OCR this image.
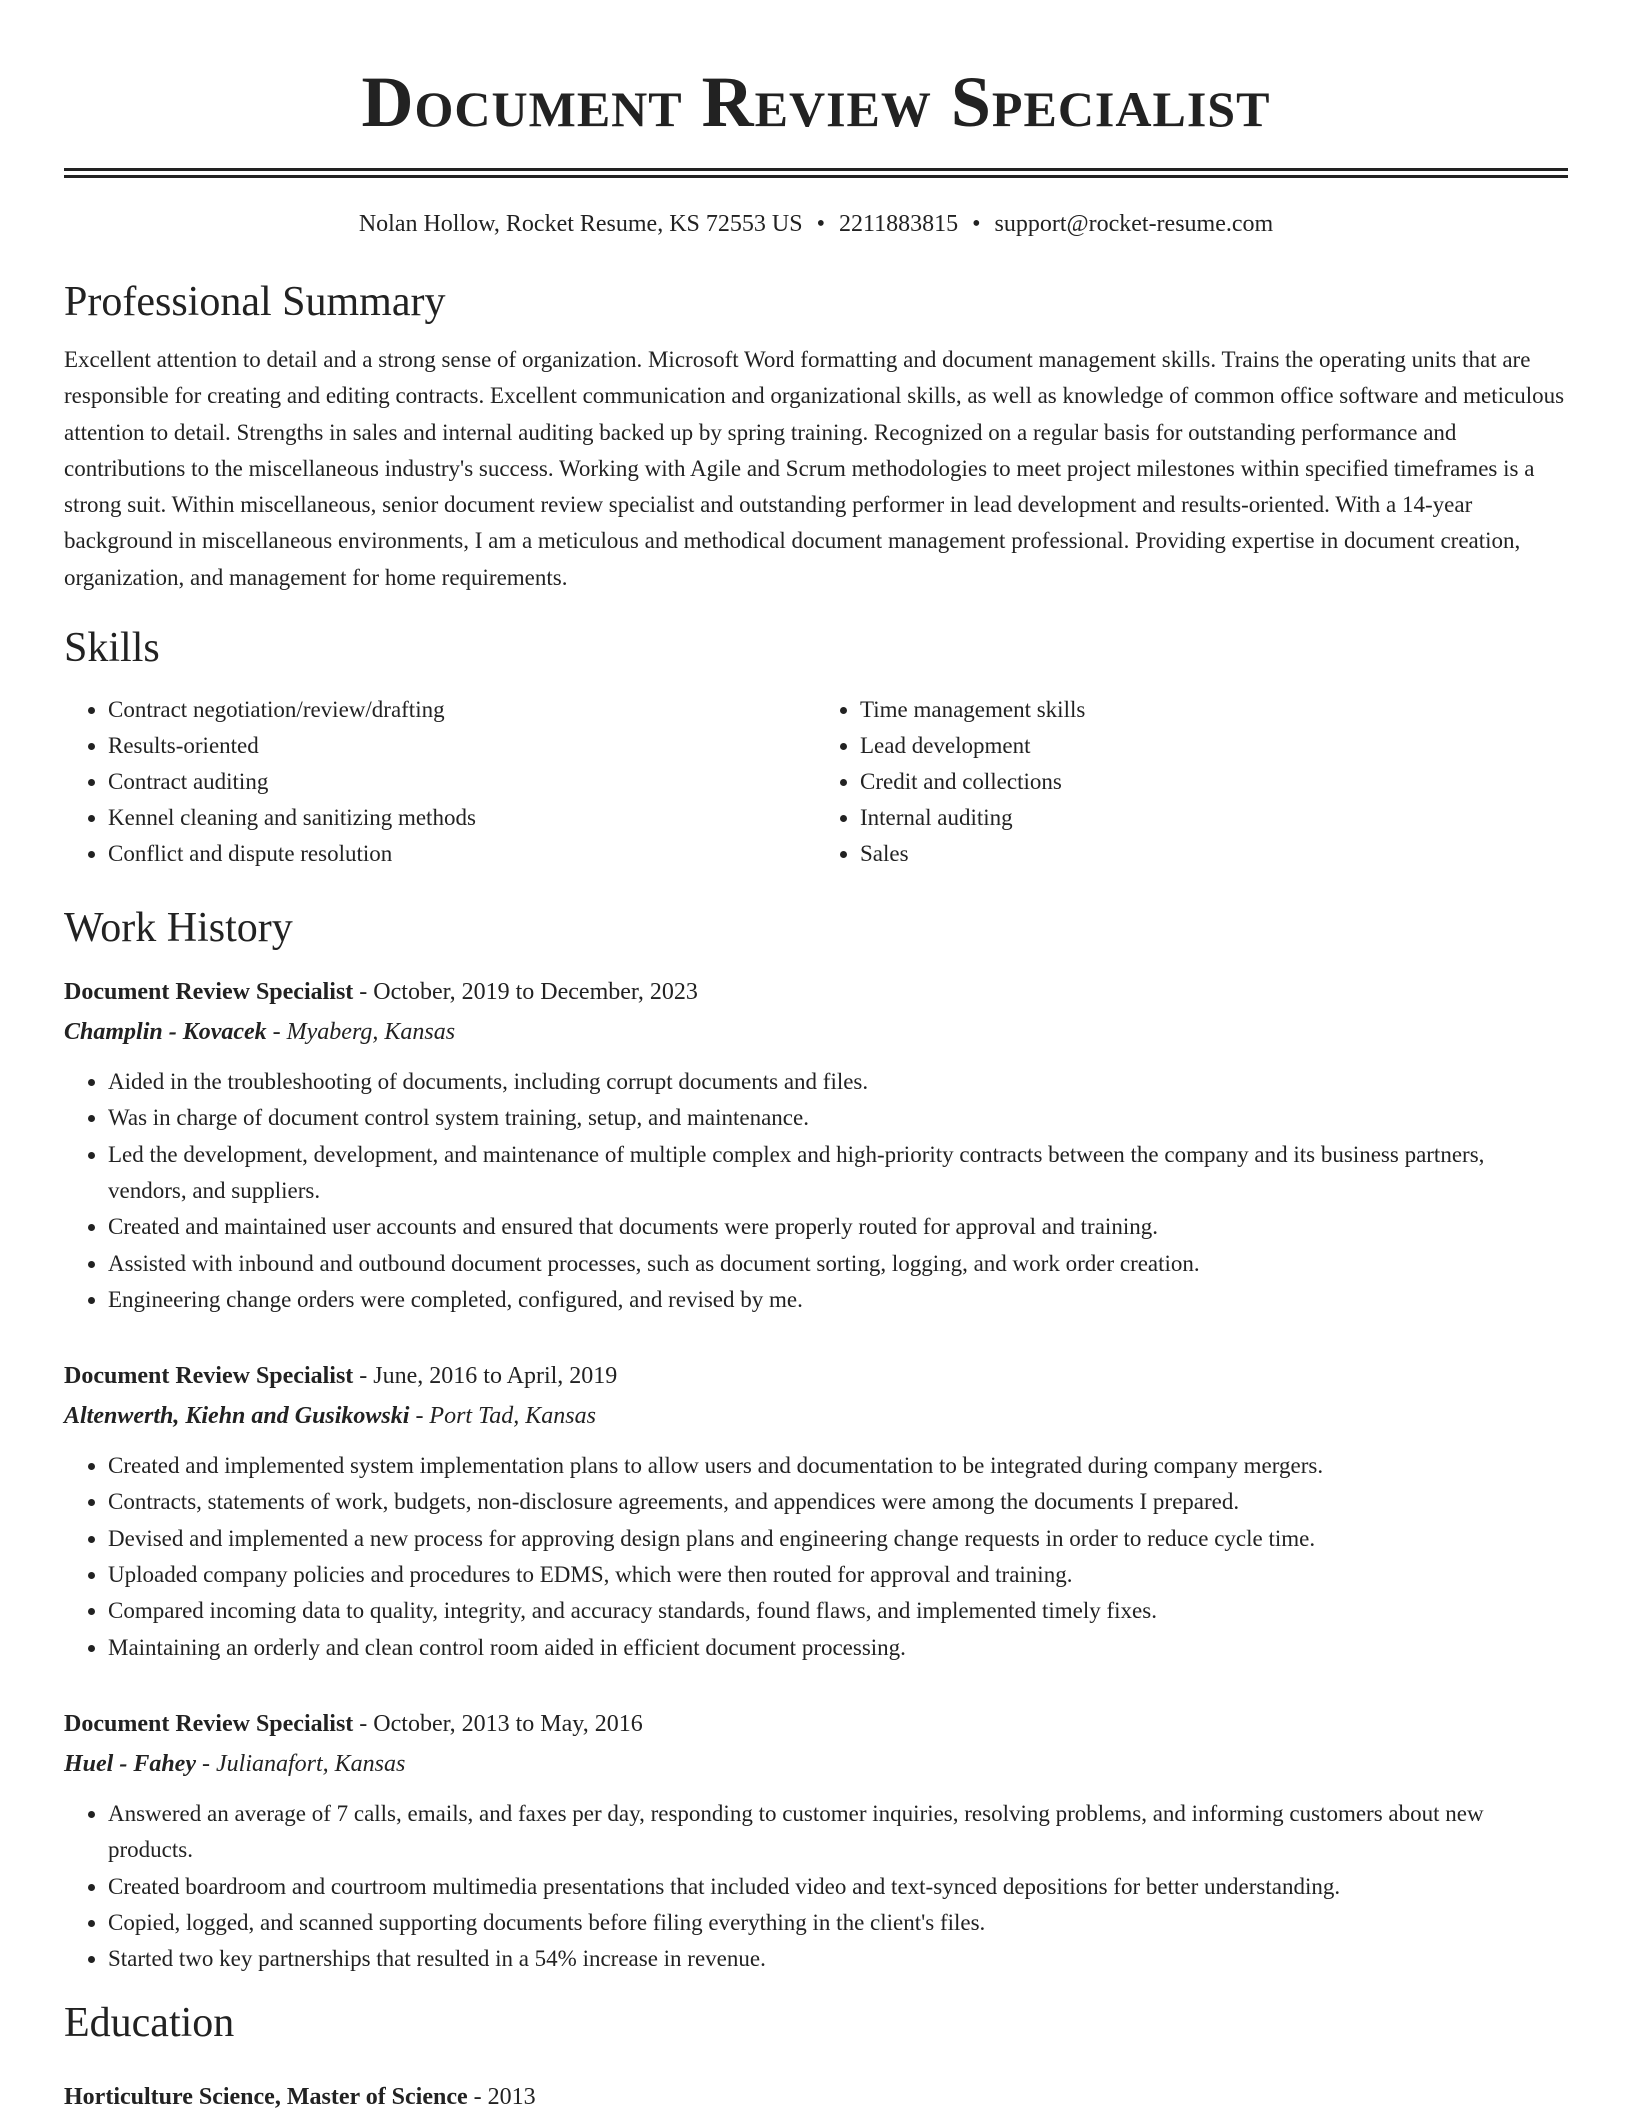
Document Review Specialist
Nolan Hollow, Rocket Resume, KS 72553 US • 2211883815 • support@rocket-resume.com
Professional Summary

Excellent attention to detail and a strong sense of organization. Microsoft Word formatting and document management skills. Trains the operating units that are responsible for creating and editing contracts. Excellent communication and organizational skills, as well as knowledge of common office software and meticulous attention to detail. Strengths in sales and internal auditing backed up by spring training. Recognized on a regular basis for outstanding performance and contributions to the miscellaneous industry's success. Working with Agile and Scrum methodologies to meet project milestones within specified timeframes is a strong suit. Within miscellaneous, senior document review specialist and outstanding performer in lead development and results-oriented. With a 14-year background in miscellaneous environments, I am a meticulous and methodical document management professional. Providing expertise in document creation, organization, and management for home requirements.

Skills
• Contract negotiation/review/drafting
• Results-oriented
• Contract auditing
• Kennel cleaning and sanitizing methods
• Conflict and dispute resolution
• Time management skills
• Lead development
• Credit and collections
• Internal auditing
• Sales
Work History
Document Review Specialist - October, 2019 to December, 2023
Champlin - Kovacek - Myaberg, Kansas
• Aided in the troubleshooting of documents, including corrupt documents and files.
• Was in charge of document control system training, setup, and maintenance.
• Led the development, development, and maintenance of multiple complex and high-priority contracts between the company and its business partners, vendors, and suppliers.
• Created and maintained user accounts and ensured that documents were properly routed for approval and training.
• Assisted with inbound and outbound document processes, such as document sorting, logging, and work order creation.
• Engineering change orders were completed, configured, and revised by me.
Document Review Specialist - June, 2016 to April, 2019
Altenwerth, Kiehn and Gusikowski - Port Tad, Kansas
• Created and implemented system implementation plans to allow users and documentation to be integrated during company mergers.
• Contracts, statements of work, budgets, non-disclosure agreements, and appendices were among the documents I prepared.
• Devised and implemented a new process for approving design plans and engineering change requests in order to reduce cycle time.
• Uploaded company policies and procedures to EDMS, which were then routed for approval and training.
• Compared incoming data to quality, integrity, and accuracy standards, found flaws, and implemented timely fixes.
• Maintaining an orderly and clean control room aided in efficient document processing.
Document Review Specialist - October, 2013 to May, 2016
Huel - Fahey - Julianafort, Kansas
• Answered an average of 7 calls, emails, and faxes per day, responding to customer inquiries, resolving problems, and informing customers about new products.
• Created boardroom and courtroom multimedia presentations that included video and text-synced depositions for better understanding.
• Copied, logged, and scanned supporting documents before filing everything in the client's files.
• Started two key partnerships that resulted in a 54% increase in revenue.
Education
Horticulture Science, Master of Science - 2013
